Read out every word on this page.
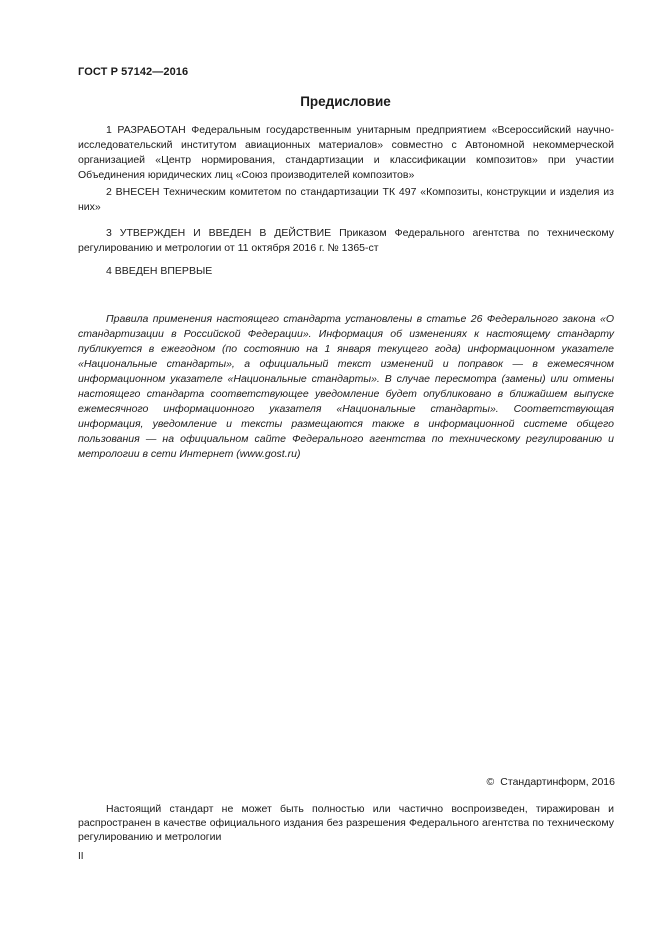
ГОСТ Р 57142—2016
Предисловие
1 РАЗРАБОТАН Федеральным государственным унитарным предприятием «Всероссийский научно-исследовательский институтом авиационных материалов» совместно с Автономной некоммерческой организацией «Центр нормирования, стандартизации и классификации композитов» при участии Объединения юридических лиц «Союз производителей композитов»
2 ВНЕСЕН Техническим комитетом по стандартизации ТК 497 «Композиты, конструкции и изделия из них»
3 УТВЕРЖДЕН И ВВЕДЕН В ДЕЙСТВИЕ Приказом Федерального агентства по техническому регулированию и метрологии от 11 октября 2016 г. № 1365-ст
4 ВВЕДЕН ВПЕРВЫЕ
Правила применения настоящего стандарта установлены в статье 26 Федерального закона «О стандартизации в Российской Федерации». Информация об изменениях к настоящему стандарту публикуется в ежегодном (по состоянию на 1 января текущего года) информационном указателе «Национальные стандарты», а официальный текст изменений и поправок — в ежемесячном информационном указателе «Национальные стандарты». В случае пересмотра (замены) или отмены настоящего стандарта соответствующее уведомление будет опубликовано в ближайшем выпуске ежемесячного информационного указателя «Национальные стандарты». Соответствующая информация, уведомление и тексты размещаются также в информационной системе общего пользования — на официальном сайте Федерального агентства по техническому регулированию и метрологии в сети Интернет (www.gost.ru)
© Стандартинформ, 2016
Настоящий стандарт не может быть полностью или частично воспроизведен, тиражирован и распространен в качестве официального издания без разрешения Федерального агентства по техническому регулированию и метрологии
II
